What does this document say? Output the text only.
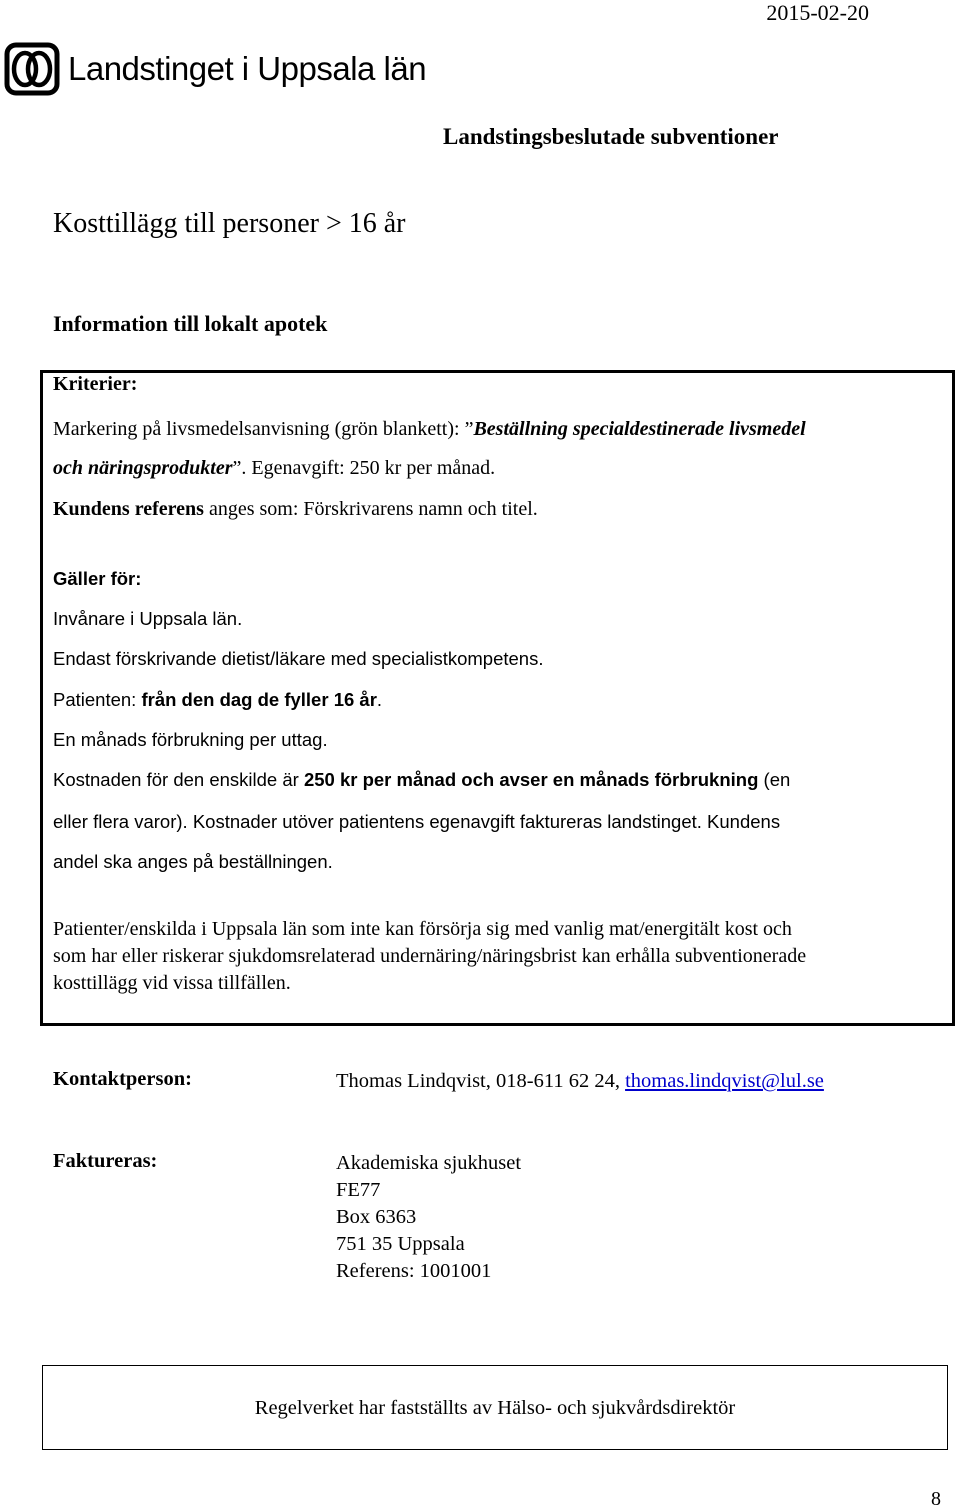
2015-02-20
Landstinget i Uppsala län
Landstingsbeslutade subventioner
Kosttillägg till personer > 16 år
Information till lokalt apotek
Kriterier:
Markering på livsmedelsanvisning (grön blankett): ”Beställning specialdestinerade livsmedel
och näringsprodukter”. Egenavgift: 250 kr per månad.
Kundens referens anges som: Förskrivarens namn och titel.
Gäller för:
Invånare i Uppsala län.
Endast förskrivande dietist/läkare med specialistkompetens.
Patienten: från den dag de fyller 16 år.
En månads förbrukning per uttag.
Kostnaden för den enskilde är 250 kr per månad och avser en månads förbrukning (en
eller flera varor). Kostnader utöver patientens egenavgift faktureras landstinget. Kundens
andel ska anges på beställningen.
Patienter/enskilda i Uppsala län som inte kan försörja sig med vanlig mat/energitält kost och
som har eller riskerar sjukdomsrelaterad undernäring/näringsbrist kan erhålla subventionerade
kosttillägg vid vissa tillfällen.
Kontaktperson:	Thomas Lindqvist, 018-611 62 24, thomas.lindqvist@lul.se
Faktureras:	Akademiska sjukhuset
FE77
Box 6363
751 35 Uppsala
Referens: 1001001
Regelverket har fastställts av Hälso- och sjukvårdsdirektör
8
